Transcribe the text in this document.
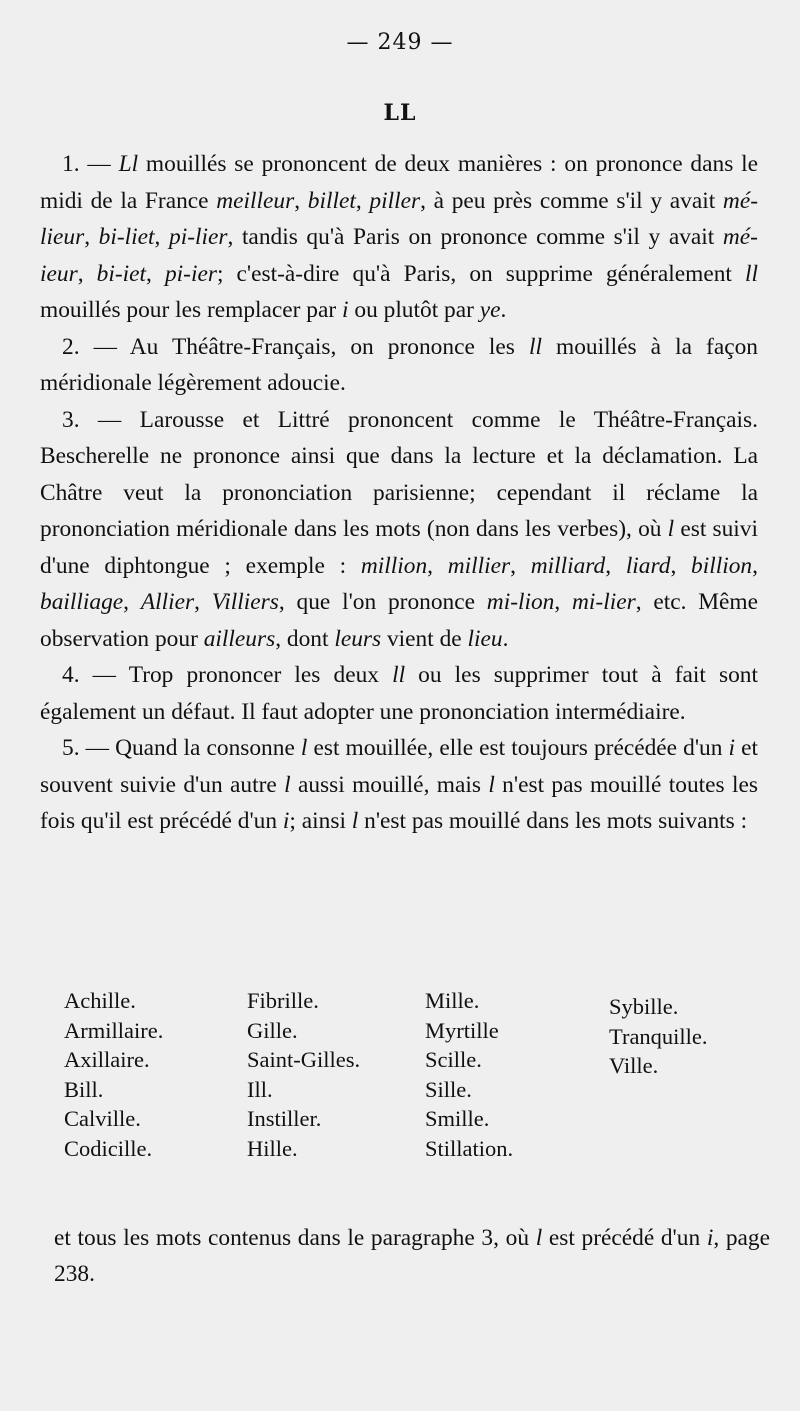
— 249 —
LL

1. — Ll mouillés se prononcent de deux manières : on prononce dans le midi de la France meilleur, billet, piller, à peu près comme s'il y avait mé-lieur, bi-liet, pi-lier, tandis qu'à Paris on prononce comme s'il y avait mé-ieur, bi-iet, pi-ier; c'est-à-dire qu'à Paris, on supprime généralement ll mouillés pour les remplacer par i ou plutôt par ye.

2. — Au Théâtre-Français, on prononce les ll mouillés à la façon méridionale légèrement adoucie.

3. — Larousse et Littré prononcent comme le Théâtre-Français. Bescherelle ne prononce ainsi que dans la lecture et la déclamation. La Châtre veut la prononciation parisienne; cependant il réclame la prononciation méridionale dans les mots (non dans les verbes), où l est suivi d'une diphtongue ; exemple : million, millier, milliard, liard, billion, bailliage, Allier, Villiers, que l'on prononce mi-lion, mi-lier, etc. Même observation pour ailleurs, dont leurs vient de lieu.

4. — Trop prononcer les deux ll ou les supprimer tout à fait sont également un défaut. Il faut adopter une prononciation intermédiaire.

5. — Quand la consonne l est mouillée, elle est toujours précédée d'un i et souvent suivie d'un autre l aussi mouillé, mais l n'est pas mouillé toutes les fois qu'il est précédé d'un i; ainsi l n'est pas mouillé dans les mots suivants :

Achille.
Armillaire.
Axillaire.
Bill.
Calville.
Codicille.
Fibrille.
Gille.
Saint-Gilles.
Ill.
Instiller.
Hille.
Mille.
Myrtille
Scille.
Sille.
Smille.
Stillation.
Sybille.
Tranquille.
Ville.

et tous les mots contenus dans le paragraphe 3, où l est précédé d'un i, page 238.
